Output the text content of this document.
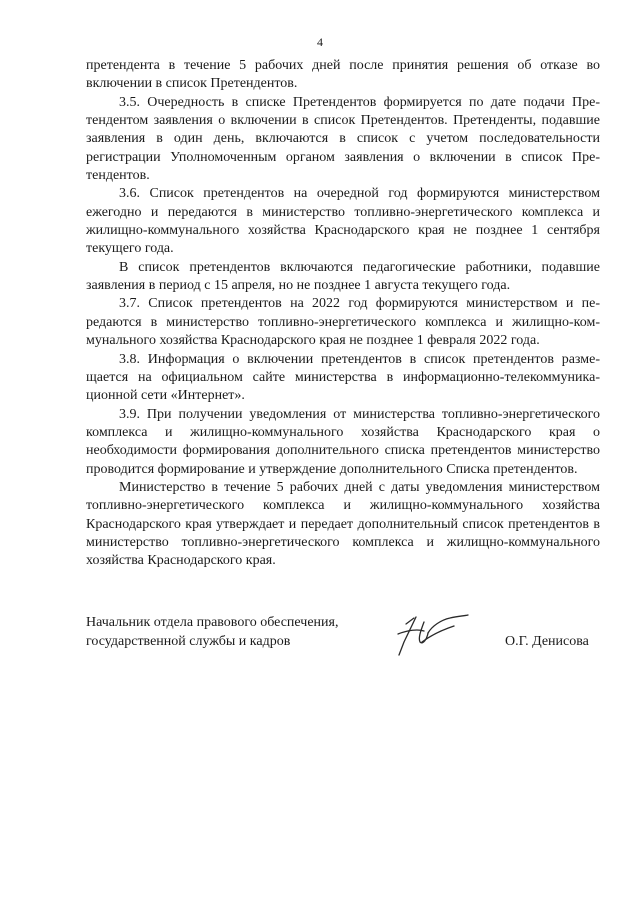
4

претендента в течение 5 рабочих дней после принятия решения об отказе во включении в список Претендентов.

3.5. Очередность в списке Претендентов формируется по дате подачи Претендентом заявления о включении в список Претендентов. Претенденты, подавшие заявления в один день, включаются в список с учетом последовательности регистрации Уполномоченным органом заявления о включении в список Претендентов.

3.6. Список претендентов на очередной год формируются министерством ежегодно и передаются в министерство топливно-энергетического комплекса и жилищно-коммунального хозяйства Краснодарского края не позднее 1 сентября текущего года.

В список претендентов включаются педагогические работники, подавшие заявления в период с 15 апреля, но не позднее 1 августа текущего года.

3.7. Список претендентов на 2022 год формируются министерством и передаются в министерство топливно-энергетического комплекса и жилищно-коммунального хозяйства Краснодарского края не позднее 1 февраля 2022 года.

3.8. Информация о включении претендентов в список претендентов размещается на официальном сайте министерства в информационно-телекоммуникационной сети «Интернет».

3.9. При получении уведомления от министерства топливно-энергетического комплекса и жилищно-коммунального хозяйства Краснодарского края о необходимости формирования дополнительного списка претендентов министерство проводится формирование и утверждение дополнительного Списка претендентов.

Министерство в течение 5 рабочих дней с даты уведомления министерством топливно-энергетического комплекса и жилищно-коммунального хозяйства Краснодарского края утверждает и передает дополнительный список претендентов в министерство топливно-энергетического комплекса и жилищно-коммунального хозяйства Краснодарского края.

Начальник отдела правового обеспечения,
государственной службы и кадров	О.Г. Денисова
